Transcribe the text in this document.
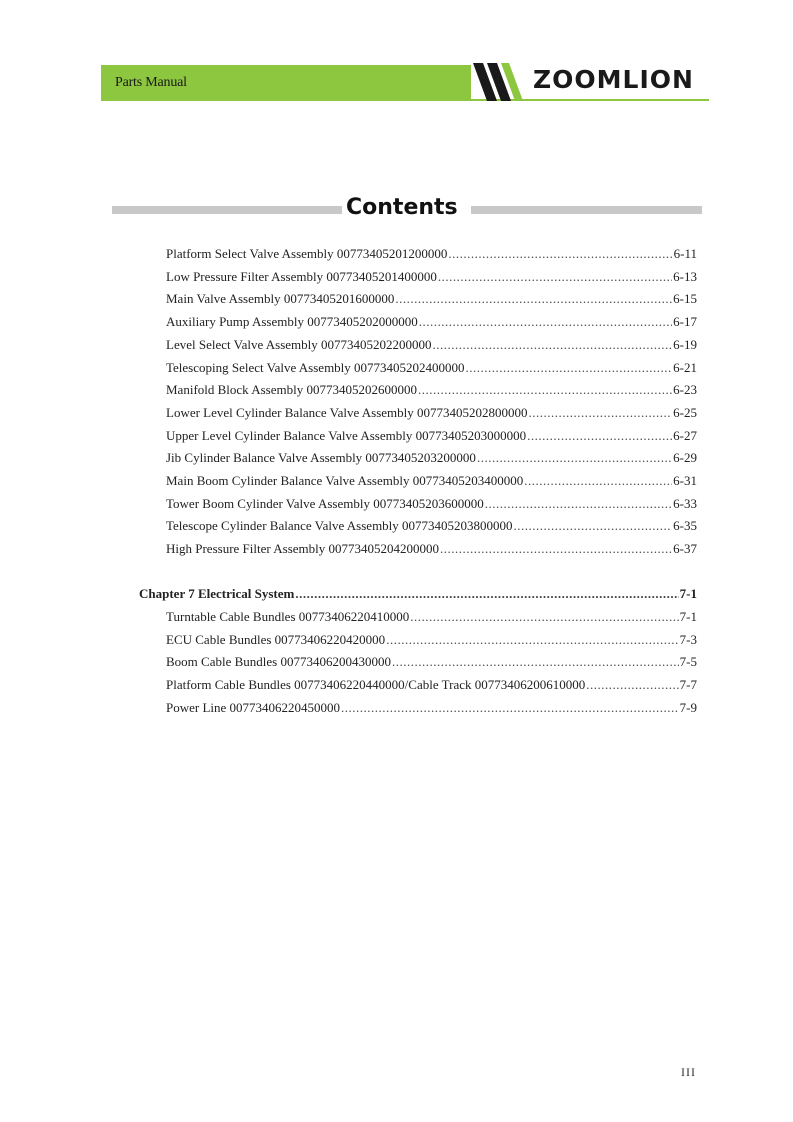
Parts Manual	ZOOMLION
Contents
Platform Select Valve Assembly 00773405201200000 .....	6-11
Low Pressure Filter Assembly 00773405201400000 .....	6-13
Main Valve Assembly 00773405201600000 .....	6-15
Auxiliary Pump Assembly 00773405202000000 .....	6-17
Level Select Valve Assembly 00773405202200000 .....	6-19
Telescoping Select Valve Assembly 00773405202400000 .....	6-21
Manifold Block Assembly 00773405202600000 .....	6-23
Lower Level Cylinder Balance Valve Assembly 00773405202800000 .....	6-25
Upper Level Cylinder Balance Valve Assembly 00773405203000000 .....	6-27
Jib Cylinder Balance Valve Assembly 00773405203200000 .....	6-29
Main Boom Cylinder Balance Valve Assembly 00773405203400000 .....	6-31
Tower Boom Cylinder Valve Assembly 00773405203600000 .....	6-33
Telescope Cylinder Balance Valve Assembly 00773405203800000 .....	6-35
High Pressure Filter Assembly 00773405204200000 .....	6-37
Chapter 7 Electrical System .....	7-1
Turntable Cable Bundles 00773406220410000 .....	7-1
ECU Cable Bundles 00773406220420000 .....	7-3
Boom Cable Bundles 00773406200430000 .....	7-5
Platform Cable Bundles 00773406220440000/Cable Track 00773406200610000 .....	7-7
Power Line 00773406220450000 .....	7-9
III
